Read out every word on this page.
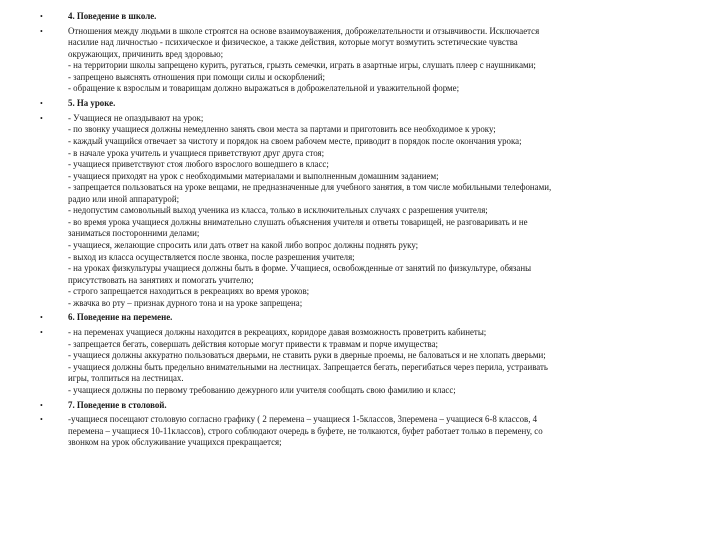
•	4. Поведение в школе.
•	Отношения между людьми в школе строятся на основе взаимоуважения, доброжелательности и отзывчивости. Исключается
насилие над личностью - психическое и физическое, а также действия, которые могут возмутить эстетические чувства
окружающих, причинить вред здоровью;
- на территории школы запрещено курить, ругаться, грызть семечки, играть в азартные игры, слушать плеер с наушниками;
- запрещено выяснять отношения при помощи силы и оскорблений;
- обращение к взрослым и товарищам должно выражаться в доброжелательной и уважительной форме;
•	5. На уроке.
•	- Учащиеся не опаздывают на урок;
- по звонку учащиеся должны немедленно занять свои места за партами и приготовить все необходимое к уроку;
- каждый учащийся отвечает за чистоту и порядок на своем рабочем месте, приводит в порядок после окончания урока;
- в начале урока учитель и учащиеся приветствуют друг друга стоя;
- учащиеся приветствуют стоя любого взрослого вошедшего в класс;
- учащиеся приходят на урок с необходимыми материалами и выполненным домашним заданием;
- запрещается пользоваться на уроке вещами, не предназначенные для учебного занятия, в том числе мобильными телефонами,
радио или иной аппаратурой;
- недопустим самовольный выход ученика из класса, только в исключительных случаях с разрешения учителя;
- во время урока учащиеся должны внимательно слушать объяснения учителя и ответы товарищей, не разговаривать и не
заниматься посторонними делами;
- учащиеся, желающие спросить или дать ответ на какой либо вопрос должны поднять руку;
- выход из класса осуществляется после звонка, после разрешения учителя;
- на уроках физкультуры учащиеся должны быть в форме. Учащиеся, освобожденные от занятий по физкультуре, обязаны
присутствовать на занятиях и помогать учителю;
- строго запрещается находиться в рекреациях во время уроков;
- жвачка во рту – признак дурного тона и на уроке запрещена;
•	6. Поведение на перемене.
•	- на переменах учащиеся должны находится в рекреациях, коридоре давая возможность проветрить кабинеты;
- запрещается бегать, совершать действия которые могут привести к травмам и порче имущества;
- учащиеся должны аккуратно пользоваться дверьми, не ставить руки в дверные проемы, не баловаться и не хлопать дверьми;
- учащиеся должны быть предельно внимательными на лестницах. Запрещается бегать, перегибаться через перила, устраивать
игры, толпиться на лестницах.
- учащиеся должны по первому требованию дежурного или учителя сообщать свою фамилию и класс;
•	7. Поведение в столовой.
•	-учащиеся посещают столовую согласно графику ( 2 перемена – учащиеся 1-5классов, 3перемена – учащиеся 6-8 классов, 4
перемена – учащиеся 10-11классов), строго соблюдают очередь в буфете, не толкаются, буфет работает только в перемену, со
звонком на урок обслуживание учащихся прекращается;
